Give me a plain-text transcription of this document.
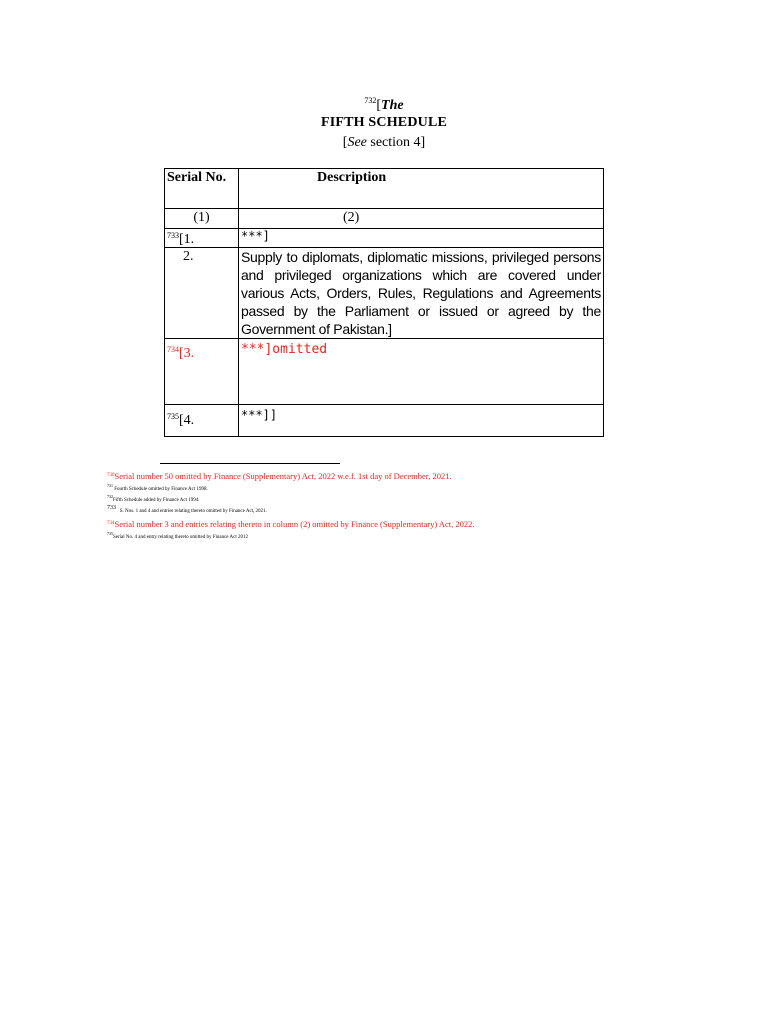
$^{732}$[The
FIFTH SCHEDULE
[See section 4]
Serial No.	Description
(1)	(2)
$^{733}$[1.	***]
2.	Supply to diplomats, diplomatic missions, privileged persons and privileged organizations which are covered under various Acts, Orders, Rules, Regulations and Agreements passed by the Parliament or issued or agreed by the Government of Pakistan.]
$^{734}$[3.	***]omitted
$^{735}$[4.	***]]
$^{730}$Serial number 50 omitted by Finance (Supplementary) Act, 2022 w.e.f. 1st day of December, 2021.
$^{731}$ Fourth Schedule omitted by Finance Act 1998.
$^{732}$Fifth Schedule added by Finance Act 1994.
$^{733}$   S. Nos. 1 and 4 and entries relating thereto omitted by Finance Act, 2021.
$^{734}$Serial number 3 and entries relating thereto in column (2) omitted by Finance (Supplementary) Act, 2022.
$^{735}$Serial No. 4 and entry relating thereto omitted by Finance Act 2012
